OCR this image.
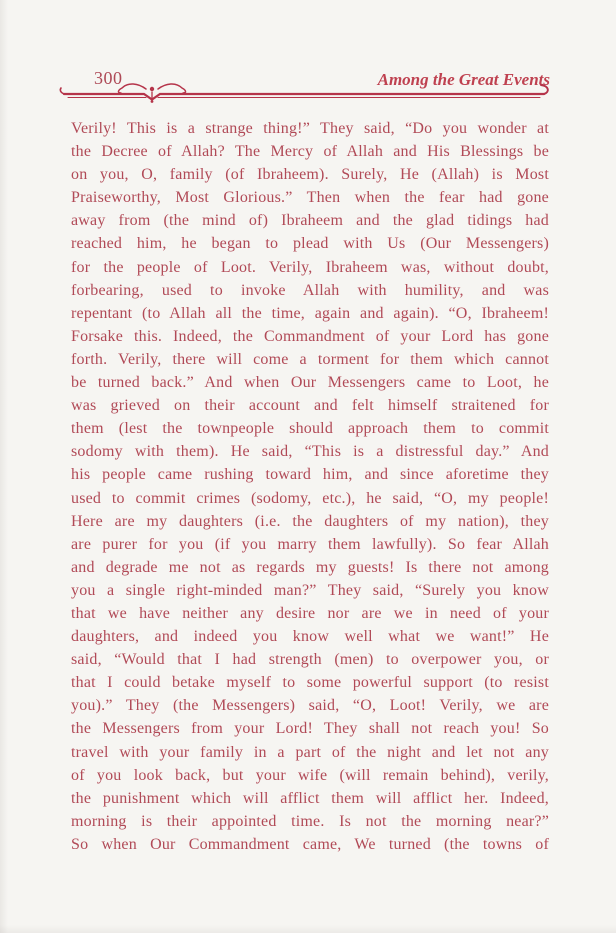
300	Among the Great Events
Verily! This is a strange thing!” They said, “Do you wonder at
the Decree of Allah? The Mercy of Allah and His Blessings be
on you, O, family (of Ibraheem). Surely, He (Allah) is Most
Praiseworthy, Most Glorious.” Then when the fear had gone
away from (the mind of) Ibraheem and the glad tidings had
reached him, he began to plead with Us (Our Messengers)
for the people of Loot. Verily, Ibraheem was, without doubt,
forbearing, used to invoke Allah with humility, and was
repentant (to Allah all the time, again and again). “O, Ibraheem!
Forsake this. Indeed, the Commandment of your Lord has gone
forth. Verily, there will come a torment for them which cannot
be turned back.” And when Our Messengers came to Loot, he
was grieved on their account and felt himself straitened for
them (lest the townpeople should approach them to commit
sodomy with them). He said, “This is a distressful day.” And
his people came rushing toward him, and since aforetime they
used to commit crimes (sodomy, etc.), he said, “O, my people!
Here are my daughters (i.e. the daughters of my nation), they
are purer for you (if you marry them lawfully). So fear Allah
and degrade me not as regards my guests! Is there not among
you a single right-minded man?” They said, “Surely you know
that we have neither any desire nor are we in need of your
daughters, and indeed you know well what we want!” He
said, “Would that I had strength (men) to overpower you, or
that I could betake myself to some powerful support (to resist
you).” They (the Messengers) said, “O, Loot! Verily, we are
the Messengers from your Lord! They shall not reach you! So
travel with your family in a part of the night and let not any
of you look back, but your wife (will remain behind), verily,
the punishment which will afflict them will afflict her. Indeed,
morning is their appointed time. Is not the morning near?”
So when Our Commandment came, We turned (the towns of
